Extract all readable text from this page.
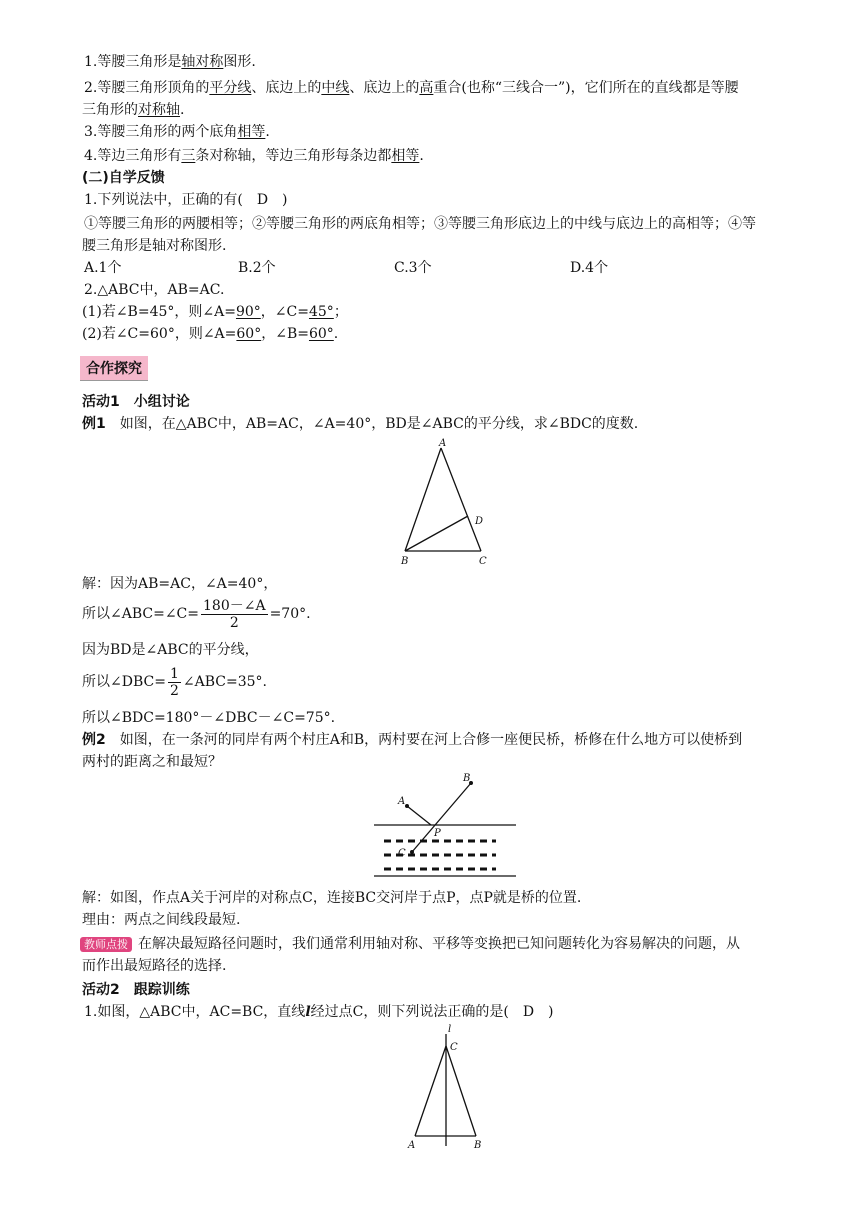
1.等腰三角形是轴对称图形.
2.等腰三角形顶角的平分线、底边上的中线、底边上的高重合(也称“三线合一”)，它们所在的直线都是等腰
三角形的对称轴.
3.等腰三角形的两个底角相等.
4.等边三角形有三条对称轴，等边三角形每条边都相等.
(二)自学反馈
1.下列说法中，正确的有(　D　)
①等腰三角形的两腰相等；②等腰三角形的两底角相等；③等腰三角形底边上的中线与底边上的高相等；④等
腰三角形是轴对称图形.
A.1个	B.2个	C.3个	D.4个
2.△ABC中，AB=AC.
(1)若∠B=45°，则∠A=90°，∠C=45°；
(2)若∠C=60°，则∠A=60°，∠B=60°.
合作探究
活动1　小组讨论
例1　如图，在△ABC中，AB=AC，∠A=40°，BD是∠ABC的平分线，求∠BDC的度数.
A
B	C
D
解：因为AB=AC，∠A=40°，
所以∠ABC=∠C= $\frac{180-\angle A}{2} =70^\circ$.
因为BD是∠ABC的平分线，
所以∠DBC= $\frac{1}{2}$ ∠ABC=35°.
所以∠BDC=180°－∠DBC－∠C=75°.
例2　如图，在一条河的同岸有两个村庄A和B，两村要在河上合修一座便民桥，桥修在什么地方可以使桥到
两村的距离之和最短？
A
B
C
P
解：如图，作点A关于河岸的对称点C，连接BC交河岸于点P，点P就是桥的位置.
理由：两点之间线段最短.
教师点拨 在解决最短路径问题时，我们通常利用轴对称、平移等变换把已知问题转化为容易解决的问题，从
而作出最短路径的选择.
活动2　跟踪训练
1.如图，△ABC中，AC=BC，直线l经过点C，则下列说法正确的是(　D　)
l
C
A	B
